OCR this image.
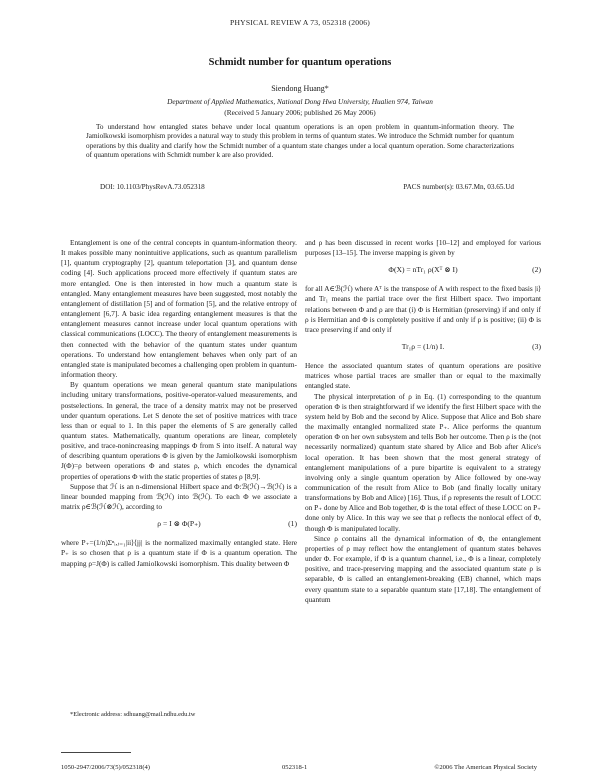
PHYSICAL REVIEW A 73, 052318 (2006)
Schmidt number for quantum operations
Siendong Huang*
Department of Applied Mathematics, National Dong Hwa University, Hualien 974, Taiwan
(Received 5 January 2006; published 26 May 2006)
To understand how entangled states behave under local quantum operations is an open problem in quantum-information theory. The Jamiolkowski isomorphism provides a natural way to study this problem in terms of quantum states. We introduce the Schmidt number for quantum operations by this duality and clarify how the Schmidt number of a quantum state changes under a local quantum operation. Some characterizations of quantum operations with Schmidt number k are also provided.
DOI: 10.1103/PhysRevA.73.052318	PACS number(s): 03.67.Mn, 03.65.Ud

Entanglement is one of the central concepts in quantum-information theory. It makes possible many nonintuitive applications, such as quantum parallelism [1], quantum cryptography [2], quantum teleportation [3], and quantum dense coding [4]. Such applications proceed more effectively if quantum states are more entangled. One is then interested in how much a quantum state is entangled. Many entanglement measures have been suggested, most notably the entanglement of distillation [5] and of formation [5], and the relative entropy of entanglement [6,7]. A basic idea regarding entanglement measures is that the entanglement measures cannot increase under local quantum operations with classical communications (LOCC). The theory of entanglement measurements is then connected with the behavior of the quantum states under quantum operations. To understand how entanglement behaves when only part of an entangled state is manipulated becomes a challenging open problem in quantum-information theory.

By quantum operations we mean general quantum state manipulations including unitary transformations, positive-operator-valued measurements, and postselections. In general, the trace of a density matrix may not be preserved under quantum operations. Let S denote the set of positive matrices with trace less than or equal to 1. In this paper the elements of S are generally called quantum states. Mathematically, quantum operations are linear, completely positive, and trace-nonincreasing mappings Φ from S into itself. A natural way of describing quantum operations Φ is given by the Jamiolkowski isomorphism J(Φ)=ρ between operations Φ and states ρ, which encodes the dynamical properties of operations Φ with the static properties of states ρ [8,9].

Suppose that ℋ is an n-dimensional Hilbert space and Φ:ℬ(ℋ)→ℬ(ℋ) is a linear bounded mapping from ℬ(ℋ) into ℬ(ℋ). To each Φ we associate a matrix ρ∈ℬ(ℋ⊗ℋ), according to

ρ = I ⊗ Φ(P₊)	(1)

where P₊=(1/n)Σⁿᵢ,ⱼ₌₁|ii⟩⟨jj| is the normalized maximally entangled state. Here P₊ is so chosen that ρ is a quantum state if Φ is a quantum operation. The mapping ρ=J(Φ) is called Jamiolkowski isomorphism. This duality between Φ

and ρ has been discussed in recent works [10–12] and employed for various purposes [13–15]. The inverse mapping is given by

Φ(X) = nTr₁ ρ(Xᵀ ⊗ I)	(2)

for all A∈ℬ(ℋ) where Aᵀ is the transpose of A with respect to the fixed basis |i⟩ and Tr₁ means the partial trace over the first Hilbert space. Two important relations between Φ and ρ are that (i) Φ is Hermitian (preserving) if and only if ρ is Hermitian and Φ is completely positive if and only if ρ is positive; (ii) Φ is trace preserving if and only if

Tr₁ρ = (1/n) I.	(3)

Hence the associated quantum states of quantum operations are positive matrices whose partial traces are smaller than or equal to the maximally entangled state.

The physical interpretation of ρ in Eq. (1) corresponding to the quantum operation Φ is then straightforward if we identify the first Hilbert space with the system held by Bob and the second by Alice. Suppose that Alice and Bob share the maximally entangled normalized state P₊. Alice performs the quantum operation Φ on her own subsystem and tells Bob her outcome. Then ρ is the (not necessarily normalized) quantum state shared by Alice and Bob after Alice's local operation. It has been shown that the most general strategy of entanglement manipulations of a pure bipartite is equivalent to a strategy involving only a single quantum operation by Alice followed by one-way communication of the result from Alice to Bob (and finally locally unitary transformations by Bob and Alice) [16]. Thus, if ρ represents the result of LOCC on P₊ done by Alice and Bob together, Φ is the total effect of these LOCC on P₊ done only by Alice. In this way we see that ρ reflects the nonlocal effect of Φ, though Φ is manipulated locally.

Since ρ contains all the dynamical information of Φ, the entanglement properties of ρ may reflect how the entanglement of quantum states behaves under Φ. For example, if Φ is a quantum channel, i.e., Φ is a linear, completely positive, and trace-preserving mapping and the associated quantum state ρ is separable, Φ is called an entanglement-breaking (EB) channel, which maps every quantum state to a separable quantum state [17,18]. The entanglement of quantum

*Electronic address: sdhuang@mail.ndhu.edu.tw
1050-2947/2006/73(5)/052318(4)	052318-1	©2006 The American Physical Society
